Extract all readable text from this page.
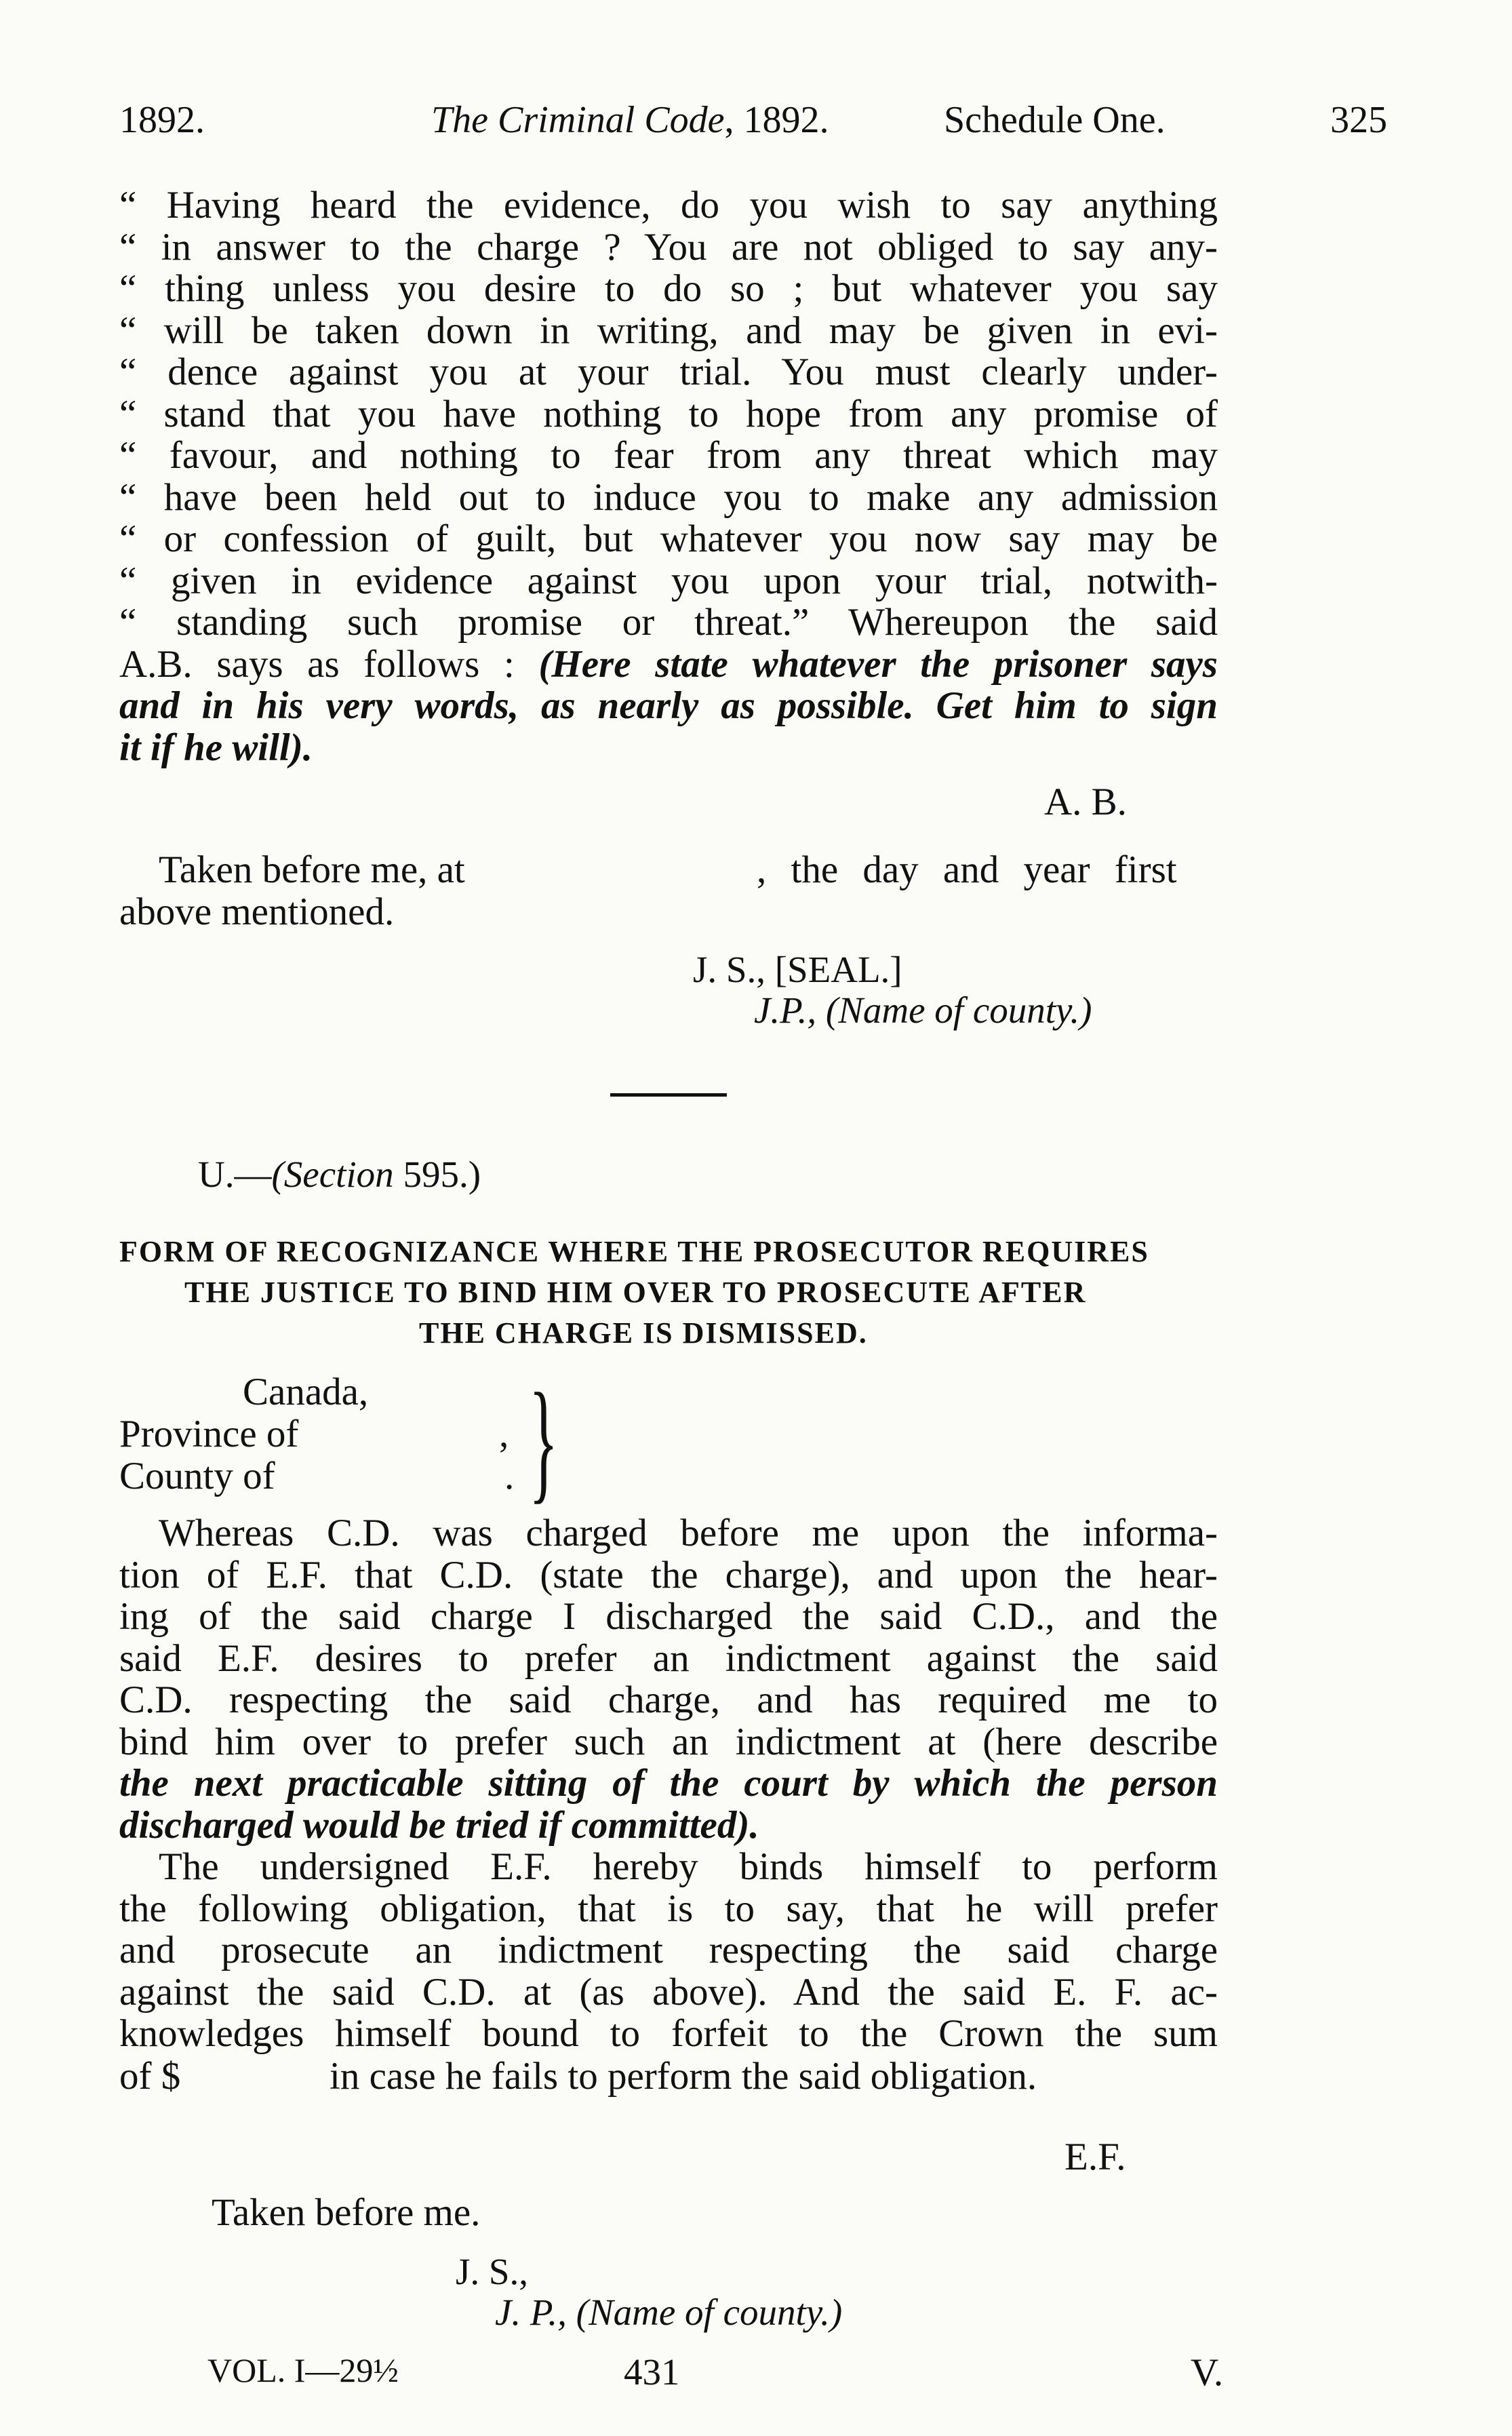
1892.	The Criminal Code, 1892.	Schedule One.	325
“ Having heard the evidence, do you wish to say anything
“ in answer to the charge ? You are not obliged to say any-
“ thing unless you desire to do so ; but whatever you say
“ will be taken down in writing, and may be given in evi-
“ dence against you at your trial. You must clearly under-
“ stand that you have nothing to hope from any promise of
“ favour, and nothing to fear from any threat which may
“ have been held out to induce you to make any admission
“ or confession of guilt, but whatever you now say may be
“ given in evidence against you upon your trial, notwith-
“ standing such promise or threat.” Whereupon the said
A.B. says as follows : (Here state whatever the prisoner says
and in his very words, as nearly as possible. Get him to sign
it if he will).
A. B.
Taken before me, at	, the day and year first
above mentioned.
J. S., [SEAL.]
J.P., (Name of county.)
U.—(Section 595.)
FORM OF RECOGNIZANCE WHERE THE PROSECUTOR REQUIRES
THE JUSTICE TO BIND HIM OVER TO PROSECUTE AFTER
THE CHARGE IS DISMISSED.
Canada,
Province of
County of
,
. }
Whereas C.D. was charged before me upon the informa-
tion of E.F. that C.D. (state the charge), and upon the hear-
ing of the said charge I discharged the said C.D., and the
said E.F. desires to prefer an indictment against the said
C.D. respecting the said charge, and has required me to
bind him over to prefer such an indictment at (here describe
the next practicable sitting of the court by which the person
discharged would be tried if committed).
The undersigned E.F. hereby binds himself to perform
the following obligation, that is to say, that he will prefer
and prosecute an indictment respecting the said charge
against the said C.D. at (as above). And the said E. F. ac-
knowledges himself bound to forfeit to the Crown the sum
of $	in case he fails to perform the said obligation.
E.F.
Taken before me.
J. S.,
J. P., (Name of county.)
VOL. I—29½	431	V.
